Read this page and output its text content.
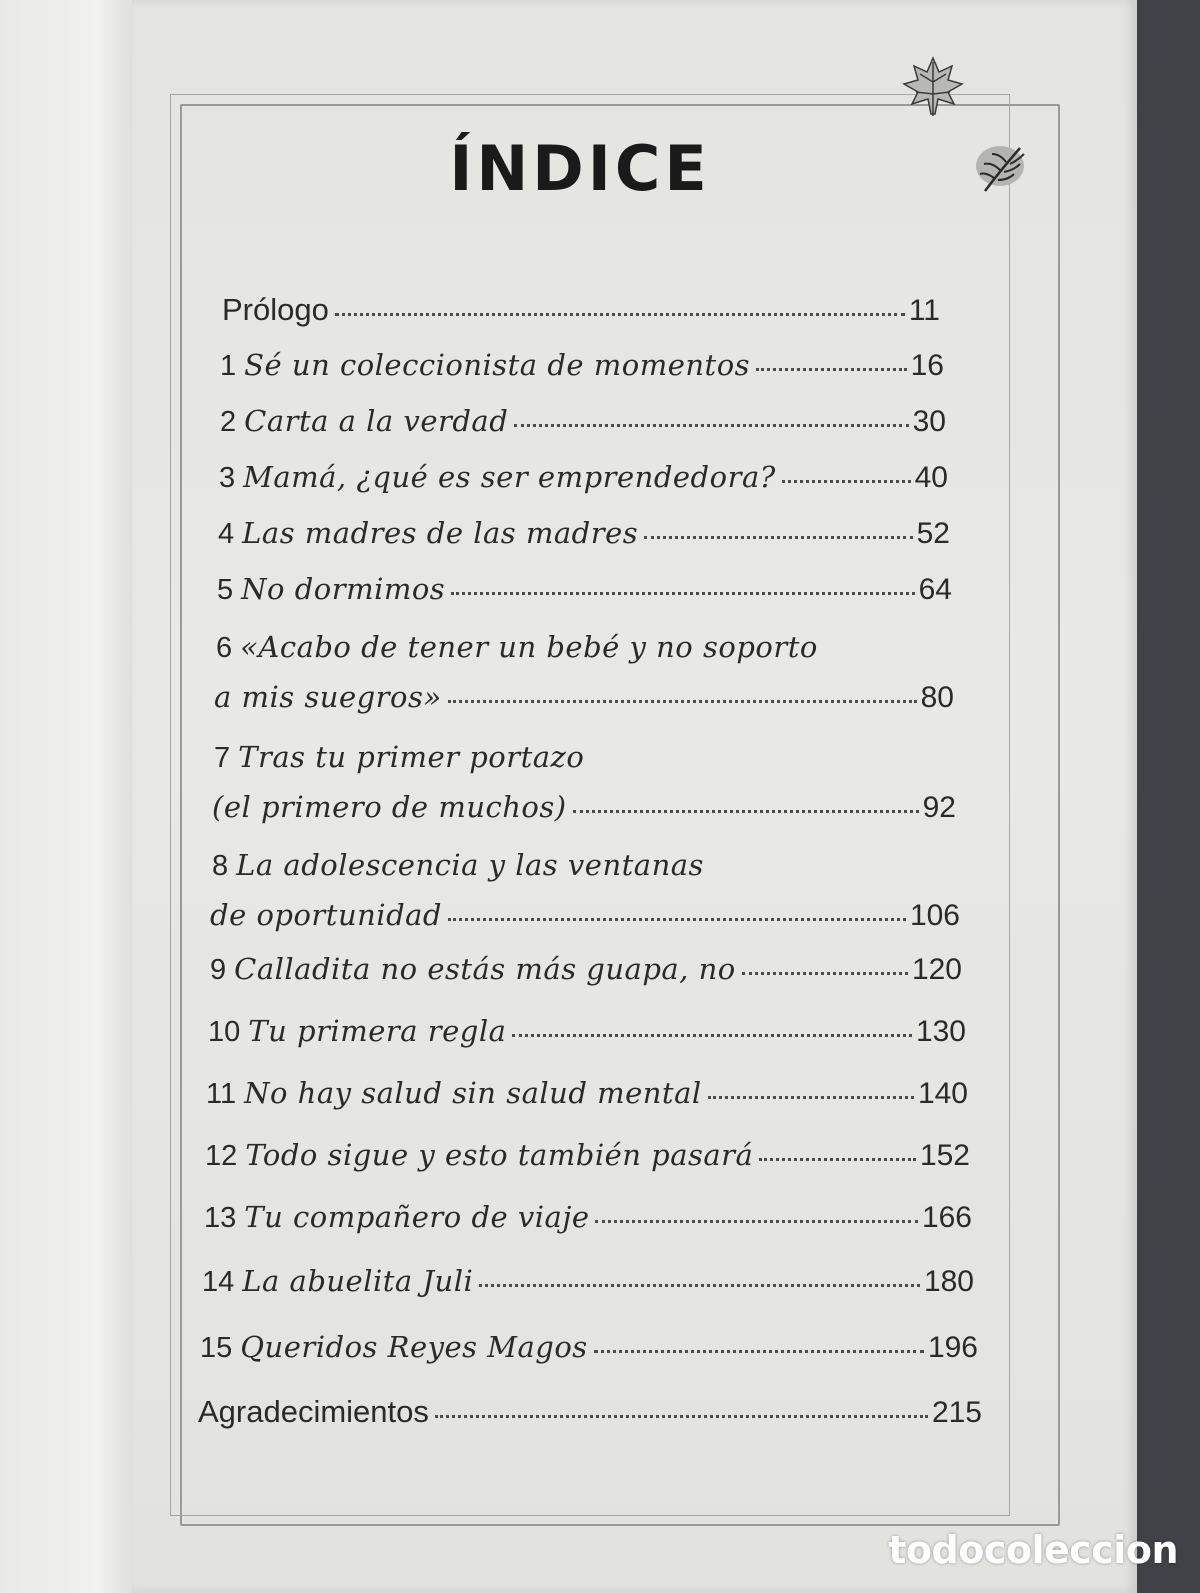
ÍNDICE
Prólogo	11
1 Sé un coleccionista de momentos	16
2 Carta a la verdad	30
3 Mamá, ¿qué es ser emprendedora?	40
4 Las madres de las madres	52
5 No dormimos	64
6 «Acabo de tener un bebé y no soporto
a mis suegros»	80
7 Tras tu primer portazo
(el primero de muchos)	92
8 La adolescencia y las ventanas
de oportunidad	106
9 Calladita no estás más guapa, no	120
10 Tu primera regla	130
11 No hay salud sin salud mental	140
12 Todo sigue y esto también pasará	152
13 Tu compañero de viaje	166
14 La abuelita Juli	180
15 Queridos Reyes Magos	196
Agradecimientos	215
todocoleccion
